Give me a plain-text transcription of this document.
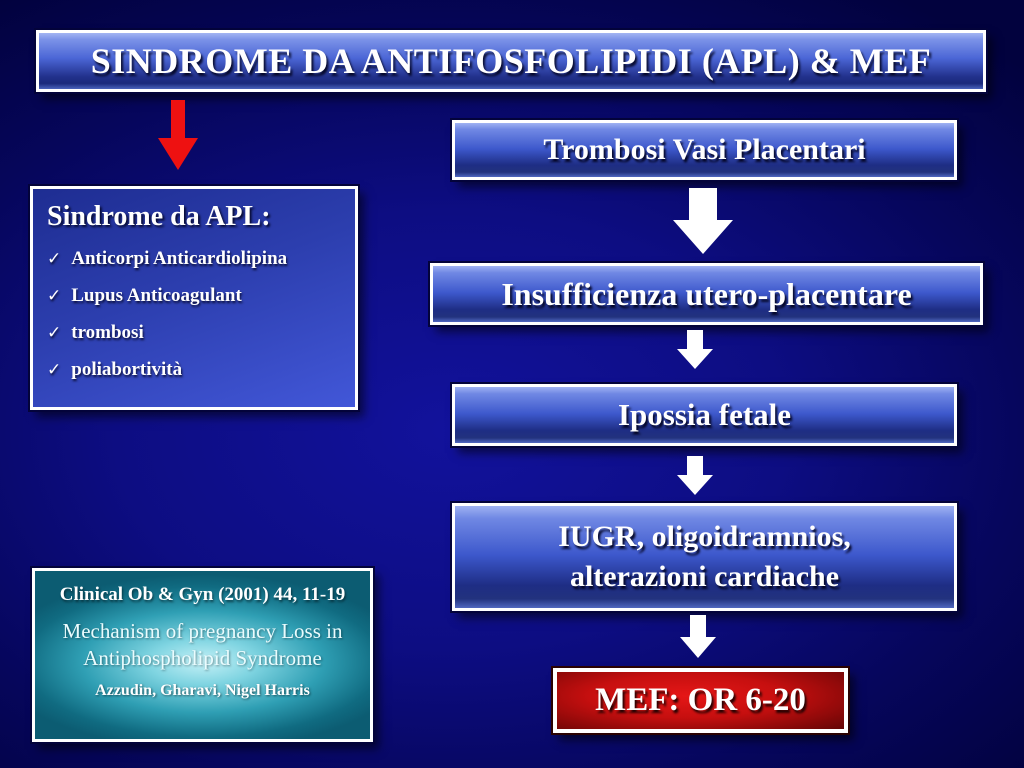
SINDROME DA ANTIFOSFOLIPIDI (APL) & MEF
Sindrome da APL:
✓ Anticorpi Anticardiolipina
✓ Lupus Anticoagulant
✓ trombosi
✓ poliabortività
Trombosi Vasi Placentari
Insufficienza utero-placentare
Ipossia fetale
IUGR, oligoidramnios,
alterazioni cardiache
MEF: OR 6-20
Clinical Ob & Gyn (2001) 44, 11-19
Mechanism of pregnancy Loss in
Antiphospholipid Syndrome
Azzudin, Gharavi, Nigel Harris
